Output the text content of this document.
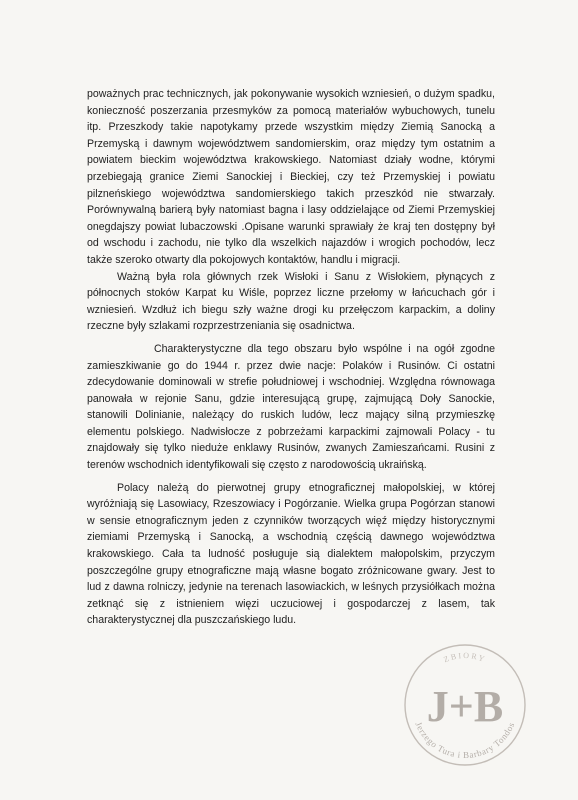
poważnych prac technicznych, jak pokonywanie wysokich wzniesień, o dużym spadku, konieczność poszerzania przesmyków za pomocą materiałów wybuchowych, tunelu itp. Przeszkody takie napotykamy przede wszystkim między Ziemią Sanocką a Przemyską i dawnym województwem sandomierskim, oraz między tym ostatnim a powiatem bieckim województwa krakowskiego. Natomiast działy wodne, którymi przebiegają granice Ziemi Sanockiej i Bieckiej, czy też Przemyskiej i powiatu pilzneńskiego województwa sandomierskiego takich przeszkód nie stwarzały. Porównywalną barierą były natomiast bagna i lasy oddzielające od Ziemi Przemyskiej onegdajszy powiat lubaczowski .Opisane warunki sprawiały że kraj ten dostępny był od wschodu i zachodu, nie tylko dla wszelkich najazdów i wrogich pochodów, lecz także szeroko otwarty dla pokojowych kontaktów, handlu i migracji.

Ważną była rola głównych rzek Wisłoki i Sanu z Wisłokiem, płynących z północnych stoków Karpat ku Wiśle, poprzez liczne przełomy w łańcuchach gór i wzniesień. Wzdłuż ich biegu szły ważne drogi ku przełęczom karpackim, a doliny rzeczne były szlakami rozprzestrzeniania się osadnictwa.

Charakterystyczne dla tego obszaru było wspólne i na ogół zgodne zamieszkiwanie go do 1944 r. przez dwie nacje: Polaków i Rusinów. Ci ostatni zdecydowanie dominowali w strefie południowej i wschodniej. Względna równowaga panowała w rejonie Sanu, gdzie interesującą grupę, zajmującą Doły Sanockie, stanowili Dolinianie, należący do ruskich ludów, lecz mający silną przymieszkę elementu polskiego. Nadwisłocze z pobrzeżami karpackimi zajmowali Polacy - tu znajdowały się tylko nieduże enklawy Rusinów, zwanych Zamieszańcami. Rusini z terenów wschodnich identyfikowali się często z narodowością ukraińską.

Polacy należą do pierwotnej grupy etnograficznej małopolskiej, w której wyróżniają się Lasowiacy, Rzeszowiacy i Pogórzanie. Wielka grupa Pogórzan stanowi w sensie etnograficznym jeden z czynników tworzących więź między historycznymi ziemiami Przemyską i Sanocką, a wschodnią częścią dawnego województwa krakowskiego. Cała ta ludność posługuje sią dialektem małopolskim, przyczym poszczególne grupy etnograficzne mają własne bogato zróżnicowane gwary. Jest to lud z dawna rolniczy, jedynie na terenach lasowiackich, w leśnych przysiółkach można zetknąć się z istnieniem więzi uczuciowej i gospodarczej z lasem, tak charakterystycznej dla puszczańskiego ludu.

Jerzego Tura i Barbary Tondos
ZBIORY
J+B
